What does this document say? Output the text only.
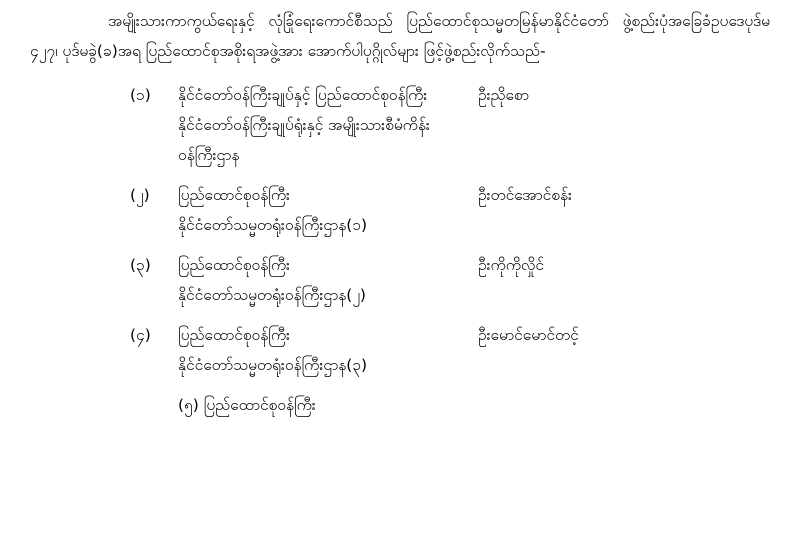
အမျိုးသားကာကွယ်ရေးနှင့် လုံခြုံရေးကောင်စီသည် ပြည်ထောင်စုသမ္မတမြန်မာနိုင်ငံတော် ဖွဲ့စည်းပုံအခြေခံဥပဒေပုဒ်မ ၄၂၇၊ ပုဒ်မခွဲ(ခ)အရ ပြည်ထောင်စုအစိုးရအဖွဲ့အား အောက်ပါပုဂ္ဂိုလ်များ ဖြင့်ဖွဲ့စည်းလိုက်သည်-

(၁)	နိုင်ငံတော်ဝန်ကြီးချုပ်နှင့် ပြည်ထောင်စုဝန်ကြီး	ဦးညိုစော
နိုင်ငံတော်ဝန်ကြီးချုပ်ရုံးနှင့် အမျိုးသားစီမံကိန်း
ဝန်ကြီးဌာန
(၂)	ပြည်ထောင်စုဝန်ကြီး	ဦးတင်အောင်စန်း
နိုင်ငံတော်သမ္မတရုံးဝန်ကြီးဌာန(၁)
(၃)	ပြည်ထောင်စုဝန်ကြီး	ဦးကိုကိုလှိုင်
နိုင်ငံတော်သမ္မတရုံးဝန်ကြီးဌာန(၂)
(၄)	ပြည်ထောင်စုဝန်ကြီး	ဦးမောင်မောင်တင့်
နိုင်ငံတော်သမ္မတရုံးဝန်ကြီးဌာန(၃)
(၅) ပြည်ထောင်စုဝန်ကြီး
